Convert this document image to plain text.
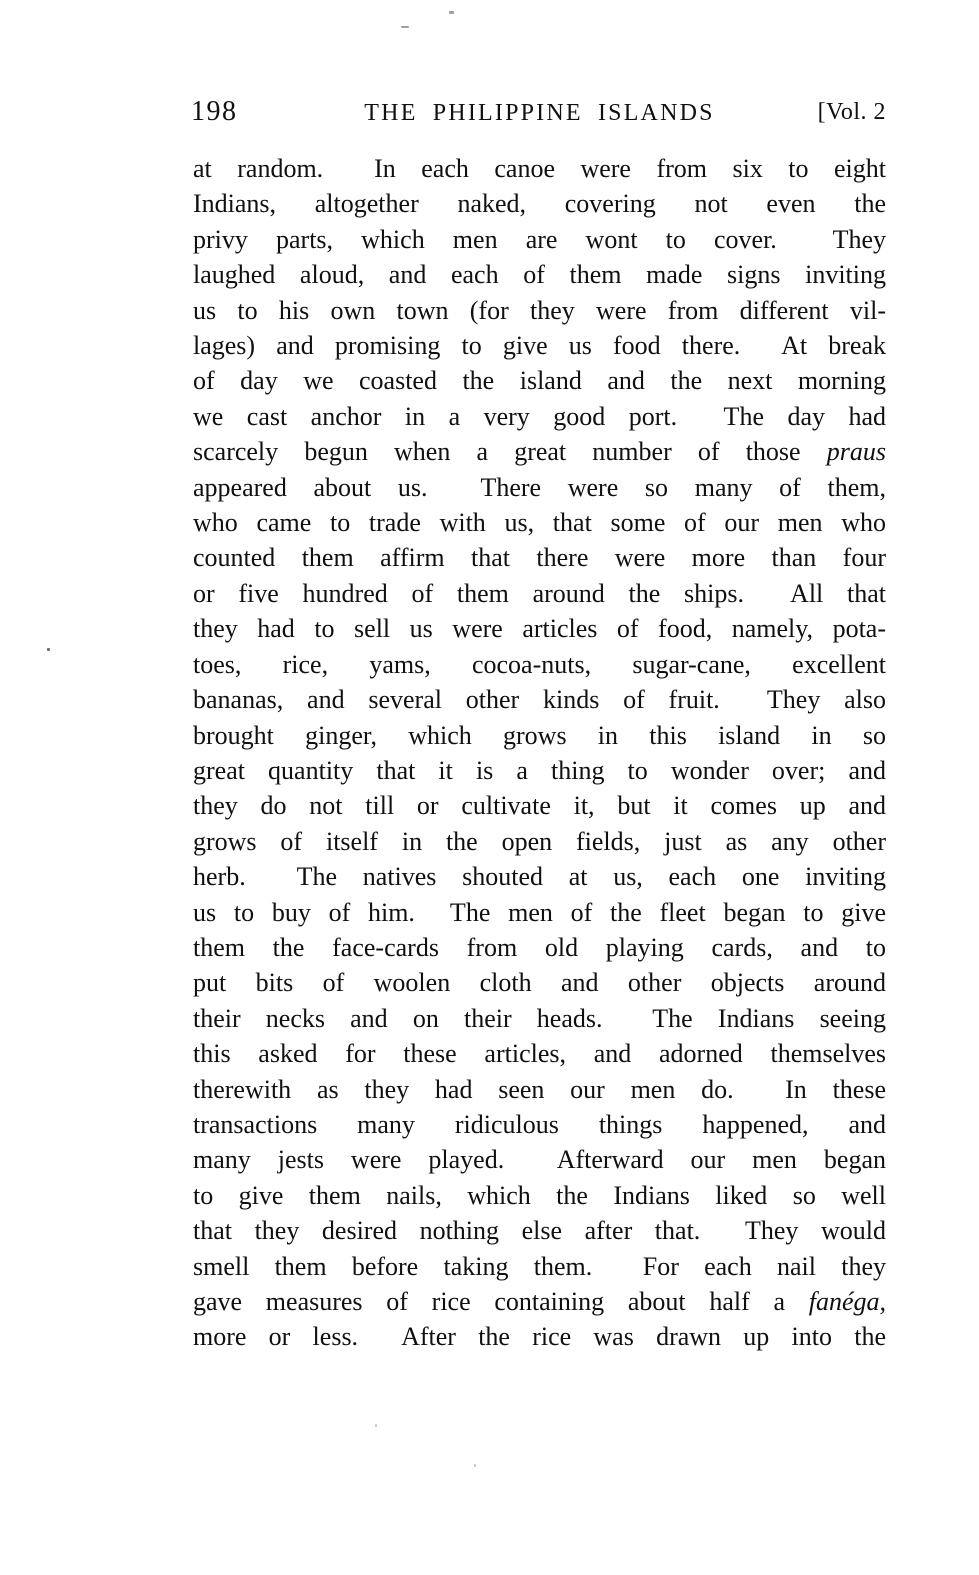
198	THE PHILIPPINE ISLANDS	[Vol. 2
at random.  In each canoe were from six to eight
Indians, altogether naked, covering not even the
privy parts, which men are wont to cover.  They
laughed aloud, and each of them made signs inviting
us to his own town (for they were from different vil-
lages) and promising to give us food there.  At break
of day we coasted the island and the next morning
we cast anchor in a very good port.  The day had
scarcely begun when a great number of those praus
appeared about us.  There were so many of them,
who came to trade with us, that some of our men who
counted them affirm that there were more than four
or five hundred of them around the ships.  All that
they had to sell us were articles of food, namely, pota-
toes, rice, yams, cocoa-nuts, sugar-cane, excellent
bananas, and several other kinds of fruit.  They also
brought ginger, which grows in this island in so
great quantity that it is a thing to wonder over; and
they do not till or cultivate it, but it comes up and
grows of itself in the open fields, just as any other
herb.  The natives shouted at us, each one inviting
us to buy of him.  The men of the fleet began to give
them the face-cards from old playing cards, and to
put bits of woolen cloth and other objects around
their necks and on their heads.  The Indians seeing
this asked for these articles, and adorned themselves
therewith as they had seen our men do.  In these
transactions many ridiculous things happened, and
many jests were played.  Afterward our men began
to give them nails, which the Indians liked so well
that they desired nothing else after that.  They would
smell them before taking them.  For each nail they
gave measures of rice containing about half a fanéga,
more or less.  After the rice was drawn up into the
